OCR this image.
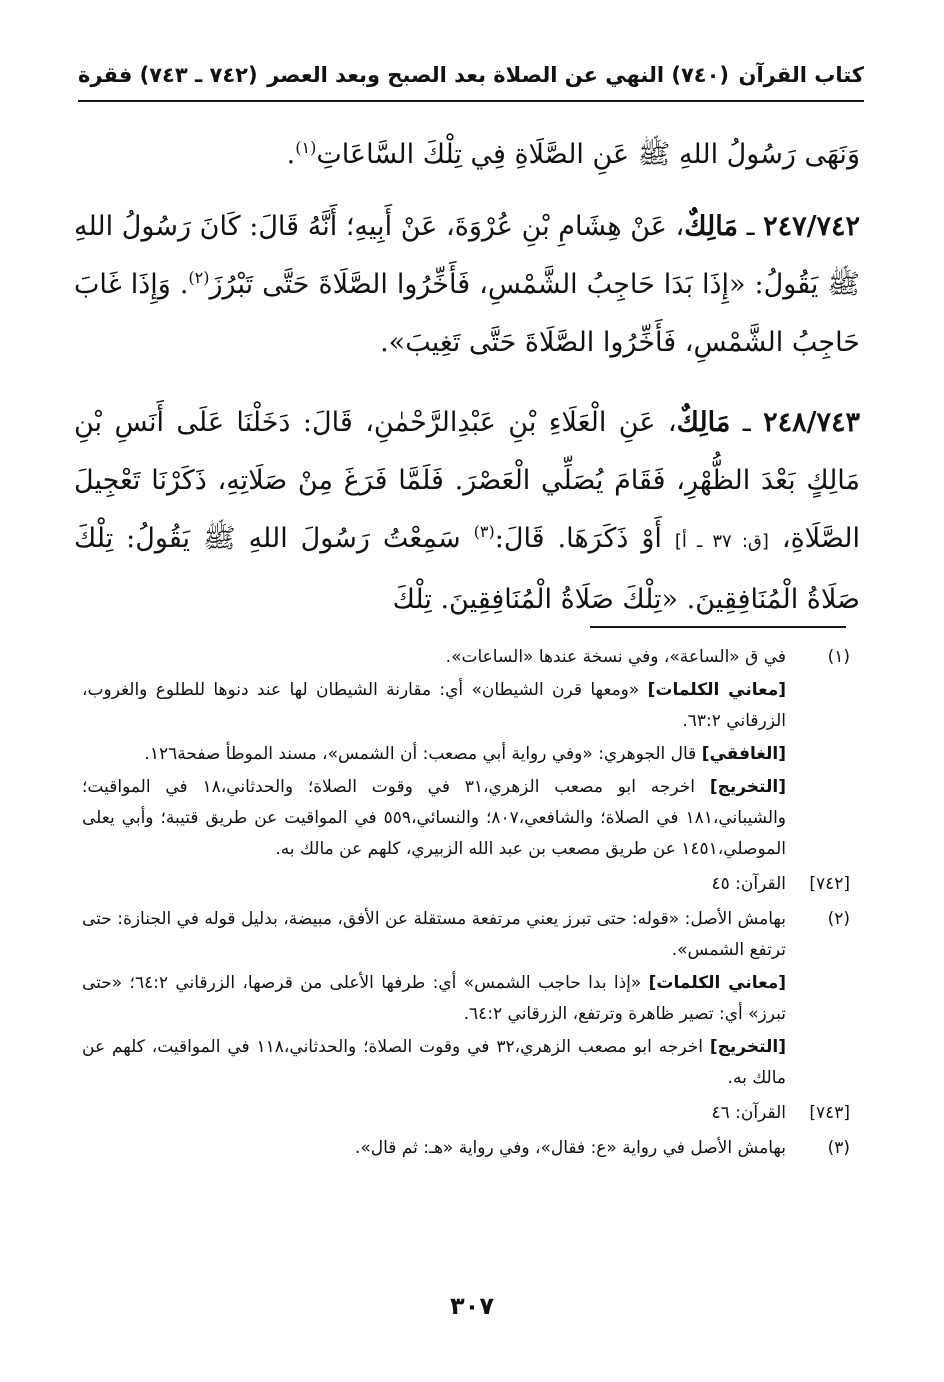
كتاب القرآن
(٧٤٠) النهي عن الصلاة بعد الصبح وبعد العصر
(٧٤٢ ـ ٧٤٣) فقرة

وَنَهَى رَسُولُ اللهِ ﷺ عَنِ الصَّلَاةِ فِي تِلْكَ السَّاعَاتِ$^{(١)}$.

٢٤٧/٧٤٢ ـ مَالِكٌ، عَنْ هِشَامِ بْنِ عُرْوَةَ، عَنْ أَبِيهِ؛ أَنَّهُ قَالَ: كَانَ رَسُولُ اللهِ ﷺ يَقُولُ: «إِذَا بَدَا حَاجِبُ الشَّمْسِ، فَأَخِّرُوا الصَّلَاةَ حَتَّى تَبْرُزَ$^{(٢)}$. وَإِذَا غَابَ حَاجِبُ الشَّمْسِ، فَأَخِّرُوا الصَّلَاةَ حَتَّى تَغِيبَ».

٢٤٨/٧٤٣ ـ مَالِكٌ، عَنِ الْعَلَاءِ بْنِ عَبْدِالرَّحْمٰنِ، قَالَ: دَخَلْنَا عَلَى أَنَسِ بْنِ مَالِكٍ بَعْدَ الظُّهْرِ، فَقَامَ يُصَلِّي الْعَصْرَ. فَلَمَّا فَرَغَ مِنْ صَلَاتِهِ، ذَكَرْنَا تَعْجِيلَ الصَّلَاةِ، [ق: ٣٧ ـ أ] أَوْ ذَكَرَهَا. قَالَ:$^{(٣)}$ سَمِعْتُ رَسُولَ اللهِ ﷺ يَقُولُ: تِلْكَ صَلَاةُ الْمُنَافِقِينَ. «تِلْكَ صَلَاةُ الْمُنَافِقِينَ. تِلْكَ

(١)
في ق «الساعة»، وفي نسخة عندها «الساعات».
[معاني الكلمات] «ومعها قرن الشيطان» أي: مقارنة الشيطان لها عند دنوها للطلوع والغروب، الزرقاني ٦٣:٢.
[الغافقي] قال الجوهري: «وفي رواية أبي مصعب: أن الشمس»، مسند الموطأ صفحة١٢٦.
[التخريج] اخرجه ابو مصعب الزهري،٣١ في وقوت الصلاة؛ والحدثاني،١٨ في المواقيت؛ والشيباني،١٨١ في الصلاة؛ والشافعي،٨٠٧؛ والنسائي،٥٥٩ في المواقيت عن طريق قتيبة؛ وأبي يعلى الموصلي،١٤٥١ عن طريق مصعب بن عبد الله الزبيري، كلهم عن مالك به.
[٧٤٢]
القرآن: ٤٥
(٢)
بهامش الأصل: «قوله: حتى تبرز يعني مرتفعة مستقلة عن الأفق، مبيضة، بدليل قوله في الجنازة: حتى ترتفع الشمس».
[معاني الكلمات] «إذا بدا حاجب الشمس» أي: طرفها الأعلى من قرصها، الزرقاني ٦٤:٢؛ «حتى تبرز» أي: تصير ظاهرة وترتفع، الزرقاني ٦٤:٢.
[التخريج] اخرجه ابو مصعب الزهري،٣٢ في وقوت الصلاة؛ والحدثاني،١١٨ في المواقيت، كلهم عن مالك به.
[٧٤٣]
القرآن: ٤٦
(٣)
بهامش الأصل في رواية «ع: فقال»، وفي رواية «هـ: ثم قال».
٣٠٧
